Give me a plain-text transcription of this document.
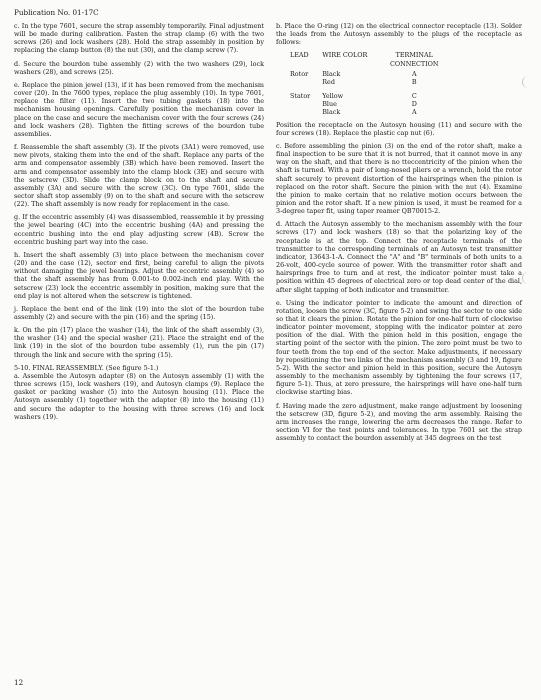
Publication No. 01-17C

c. In the type 7601, secure the strap assembly temporarily. Final adjustment will be made during calibration. Fasten the strap clamp (6) with the two screws (26) and lock washers (28). Hold the strap assembly in position by replacing the clamp button (8) the nut (30), and the clamp screw (7).

d. Secure the bourdon tube assembly (2) with the two washers (29), lock washers (28), and screws (25).

e. Replace the pinion jewel (13), if it has been removed from the mechanism cover (20). In the 7600 types, replace the plug assembly (10). In type 7601, replace the filter (11). Insert the two tubing gaskets (18) into the mechanism housing openings. Carefully position the mechanism cover in place on the case and secure the mechanism cover with the four screws (24) and lock washers (28). Tighten the fitting screws of the bourdon tube assemblies.

f. Reassemble the shaft assembly (3). If the pivots (3A1) were removed, use new pivots, staking them into the end of the shaft. Replace any parts of the arm and compensator assembly (3B) which have been removed. Insert the arm and compensator assembly into the clamp block (3E) and secure with the setscrew (3D). Slide the clamp block on to the shaft and secure assembly (3A) and secure with the screw (3C). On type 7601, slide the sector shaft stop assembly (9) on to the shaft and secure with the setscrew (22). The shaft assembly is now ready for replacement in the case.

g. If the eccentric assembly (4) was disassembled, reassemble it by pressing the jewel bearing (4C) into the eccentric bushing (4A) and pressing the eccentric bushing into the end play adjusting screw (4B). Screw the eccentric bushing part way into the case.

h. Insert the shaft assembly (3) into place between the mechanism cover (20) and the case (12), sector end first, being careful to align the pivots without damaging the jewel bearings. Adjust the eccentric assembly (4) so that the shaft assembly has from 0.001-to 0.002-inch end play. With the setscrew (23) lock the eccentric assembly in position, making sure that the end play is not altered when the setscrew is tightened.

j. Replace the bent end of the link (19) into the slot of the bourdon tube assembly (2) and secure with the pin (16) and the spring (15).

k. On the pin (17) place the washer (14), the link of the shaft assembly (3), the washer (14) and the special washer (21). Place the straight end of the link (19) in the slot of the bourdon tube assembly (1), run the pin (17) through the link and secure with the spring (15).

5-10. FINAL REASSEMBLY. (See figure 5-1.)

a. Assemble the Autosyn adapter (8) on the Autosyn assembly (1) with the three screws (15), lock washers (19), and Autosyn clamps (9). Replace the gasket or packing washer (5) into the Autosyn housing (11). Place the Autosyn assembly (1) together with the adapter (8) into the housing (11) and secure the adapter to the housing with three screws (16) and lock washers (19).

b. Place the O-ring (12) on the electrical connector receptacle (13). Solder the leads from the Autosyn assembly to the plugs of the receptacle as follows:

LEAD	WIRE COLOR	TERMINAL CONNECTION
Rotor	Black	A
	Red	B
Stator	Yellow	C
	Blue	D
	Black	A

Position the receptacle on the Autosyn housing (11) and secure with the four screws (18). Replace the plastic cap nut (6).

c. Before assembling the pinion (3) on the end of the rotor shaft, make a final inspection to be sure that it is not burred, that it cannot move in any way on the shaft, and that there is no tteccentricity of the pinion when the shaft is turned. With a pair of long-nosed pliers or a wrench, hold the rotor shaft securely to prevent distortion of the hairsprings when the pinion is replaced on the rotor shaft. Secure the pinion with the nut (4). Examine the pinion to make certain that no relative motion occurs between the pinion and the rotor shaft. If a new pinion is used, it must be reamed for a 3-degree taper fit, using taper reamer QB70015-2.

d. Attach the Autosyn assembly to the mechanism assembly with the four screws (17) and lock washers (18) so that the polarizing key of the receptacle is at the top. Connect the receptacle terminals of the transmitter to the corresponding terminals of an Autosyn test transmitter indicator, 13643-1-A. Connect the "A" and "B" terminals of both units to a 26-volt, 400-cycle source of power. With the transmitter rotor shaft and hairsprings free to turn and at rest, the indicator pointer must take a position within 45 degrees of electrical zero or top dead center of the dial, after slight tapping of both indicator and transmitter.

e. Using the indicator pointer to indicate the amount and direction of rotation, loosen the screw (3C, figure 5-2) and swing the sector to one side so that it clears the pinion. Rotate the pinion for one-half turn of clockwise indicator pointer movement, stopping with the indicator pointer at zero position of the dial. With the pinion held in this position, engage the starting point of the sector with the pinion. The zero point must be two to four teeth from the top end of the sector. Make adjustments, if necessary by repositioning the two links of the mechanism assembly (3 and 19, figure 5-2). With the sector and pinion held in this position, secure the Autosyn assembly to the mechanism assembly by tightening the four screws (17, figure 5-1). Thus, at zero pressure, the hairsprings will have one-half turn clockwise starting bias.

f. Having made the zero adjustment, make range adjustment by loosening the setscrew (3D, figure 5-2), and moving the arm assembly. Raising the arm increases the range, lowering the arm decreases the range. Refer to section VI for the test points and tolerances. In type 7601 set the strap assembly to contact the bourdon assembly at 345 degrees on the test

12
